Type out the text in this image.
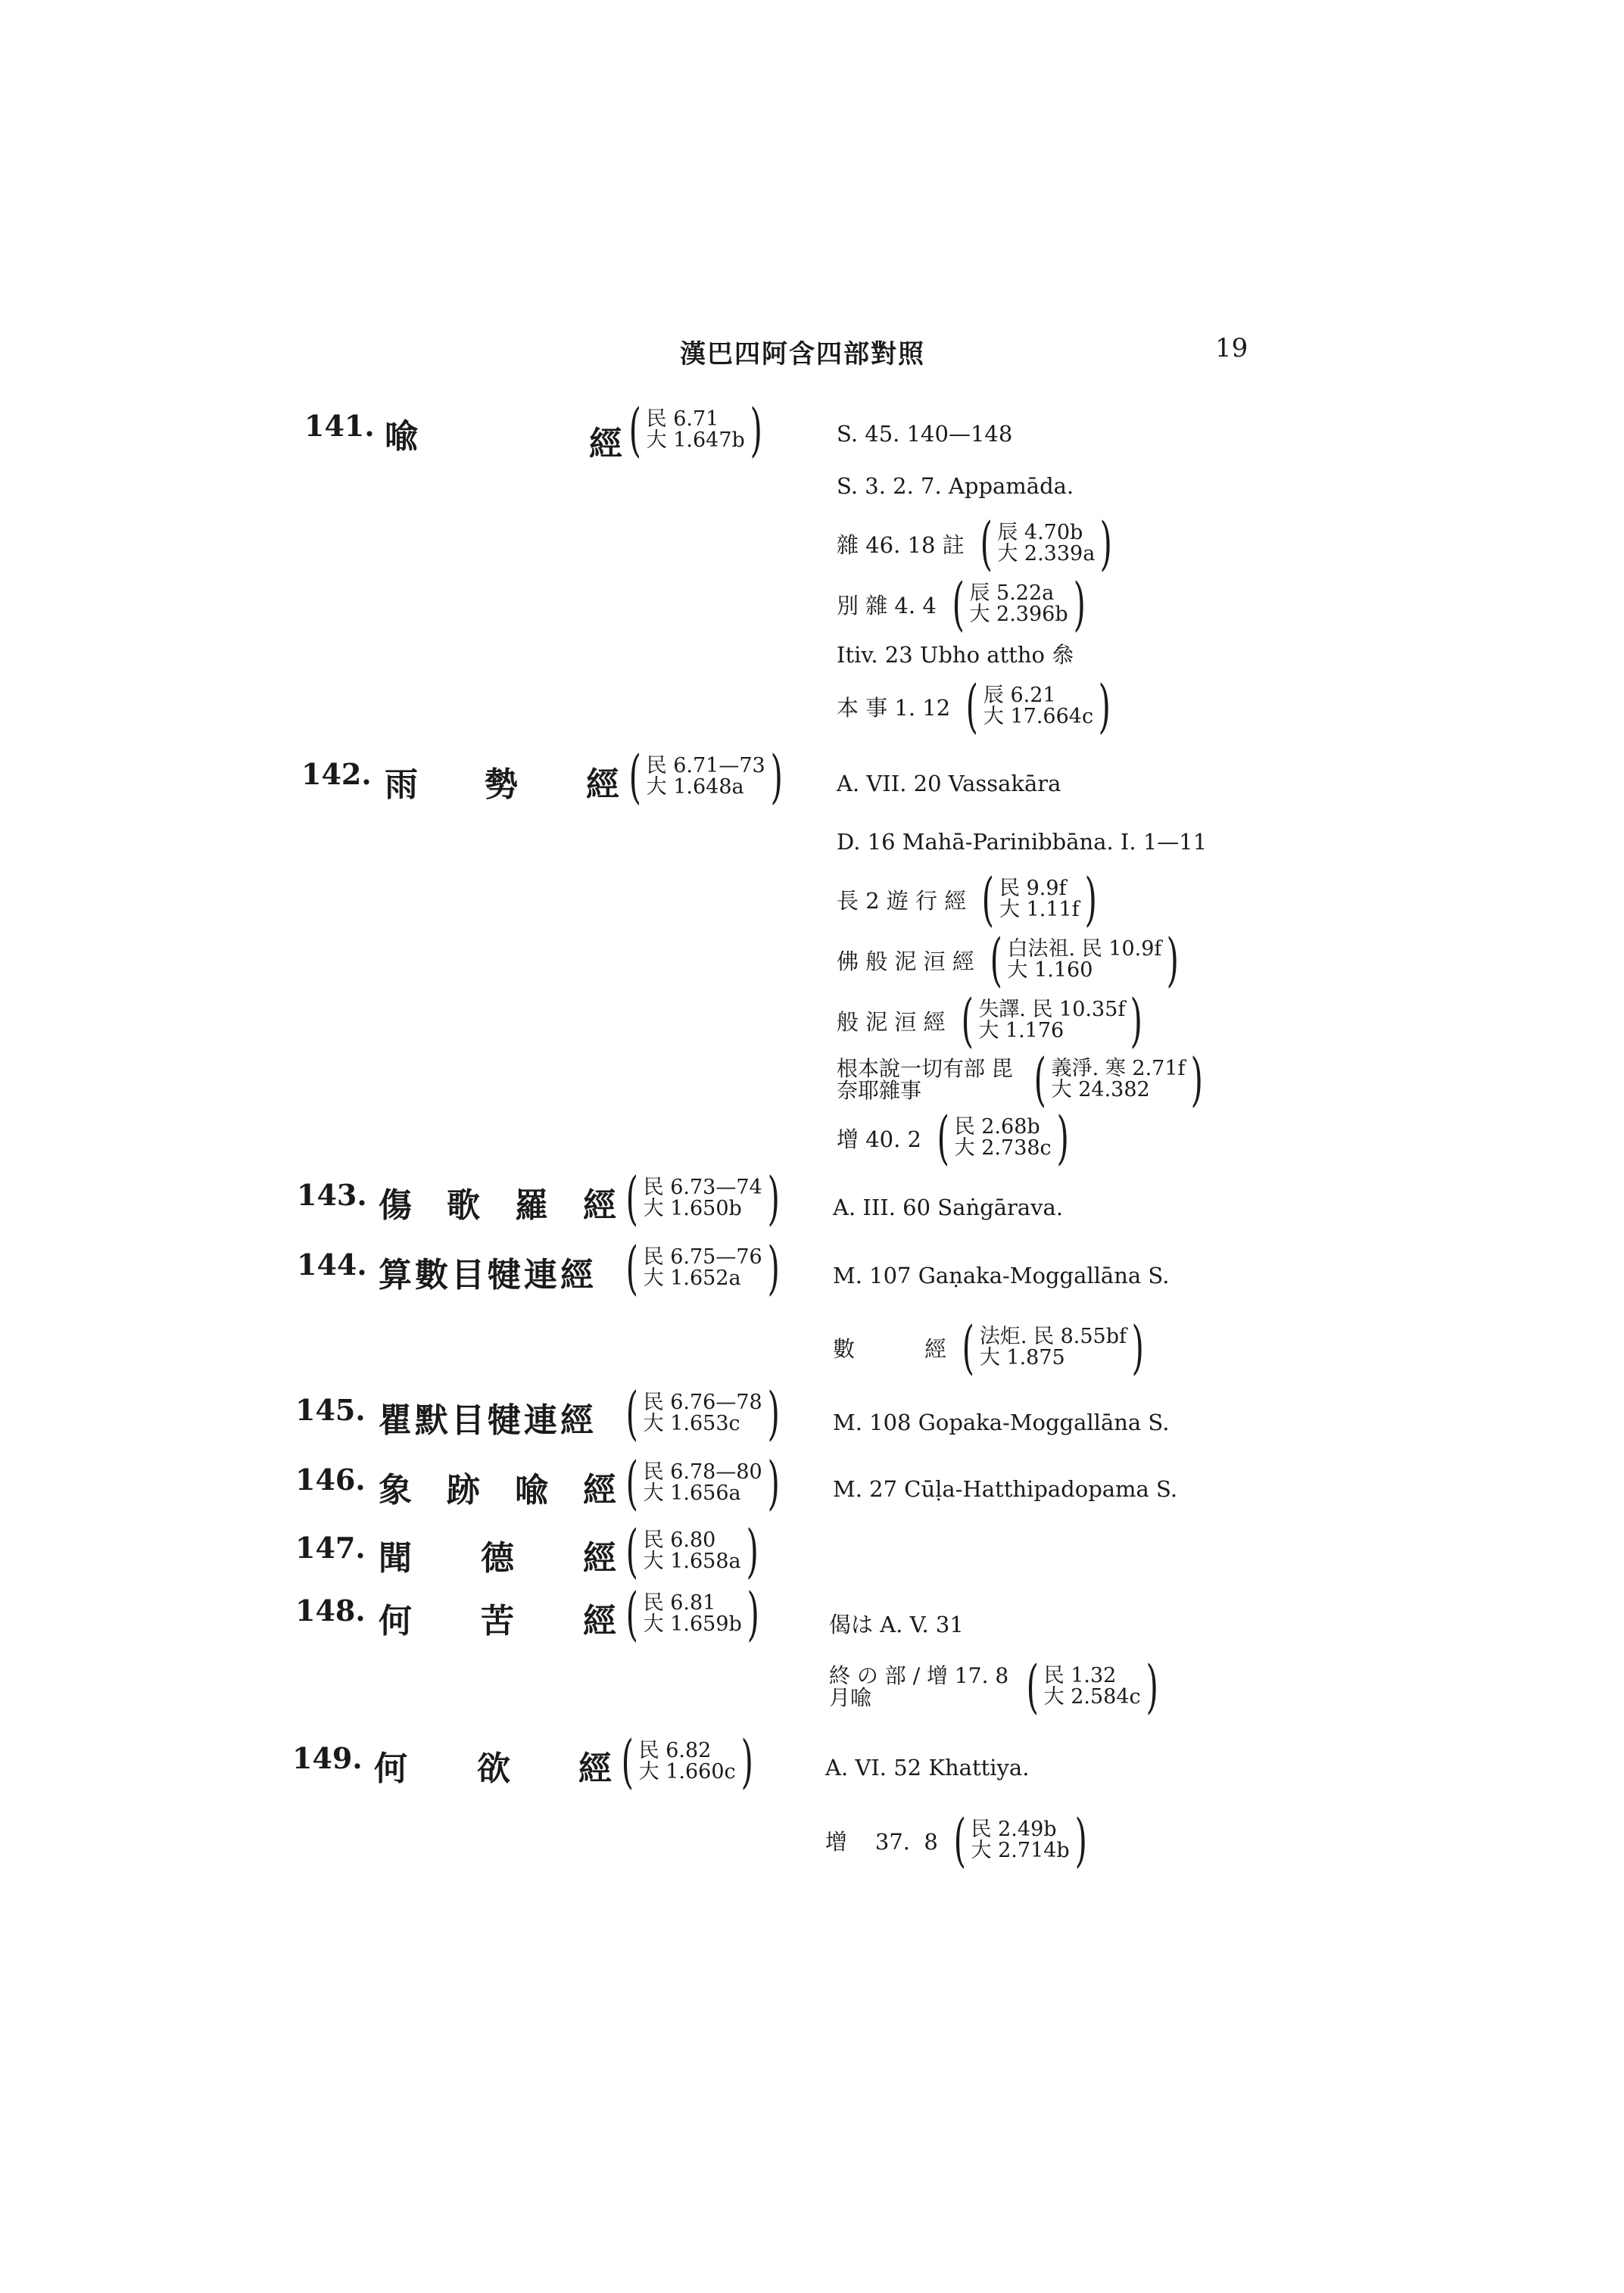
漢巴四阿含四部對照	19
141. 喩	經 ( 民 6.71
大 1.647b )	S. 45. 140—148
S. 3. 2. 7. Appamāda.
雜 46. 18 註 ( 辰 4.70b
大 2.339a )
別 雜 4. 4 ( 辰 5.22a
大 2.396b )
Itiv. 23 Ubho attho 叅
本 事 1. 12 ( 辰 6.21
大 17.664c )
142. 雨 勢 經 ( 民 6.71—73
大 1.648a ) A. VII. 20 Vassakāra
D. 16 Mahā-Parinibbāna. I. 1—11
長 2 遊 行 經 ( 民 9.9f
大 1.11f )
佛 般 泥 洹 經 ( 白法祖. 民 10.9f
大 1.160	)
般 泥 洹 經 ( 失譯. 民 10.35f
大 1.176	)
根本說一切有部 毘奈耶雜事	( 義淨. 寒 2.71f
大 24.382 )
增 40. 2 ( 民 2.68b
大 2.738c )
143. 傷 歌 羅 經 ( 民 6.73—74
大 1.650b ) A. III. 60 Saṅgārava.
144. 算數目犍連經 ( 民 6.75—76
大 1.652a ) M. 107 Gaṇaka-Moggallāna S.
數          經 ( 法炬. 民 8.55bf
大 1.875	)
145. 瞿默目犍連經 ( 民 6.76—78
大 1.653c ) M. 108 Gopaka-Moggallāna S.
146. 象 跡 喩 經 ( 民 6.78—80
大 1.656a ) M. 27 Cūḷa-Hatthipadopama S.
147. 聞 德 經 ( 民 6.80
大 1.658a )
148. 何 苦 經 ( 民 6.81
大 1.659b )	偈は A. V. 31
終 の 部 / 增 17. 8 月喩	( 民 1.32
大 2.584c )
149. 何 欲 經 ( 民 6.82
大 1.660c )	A. VI. 52 Khattiya.
增    37.  8 ( 民 2.49b
大 2.714b )
